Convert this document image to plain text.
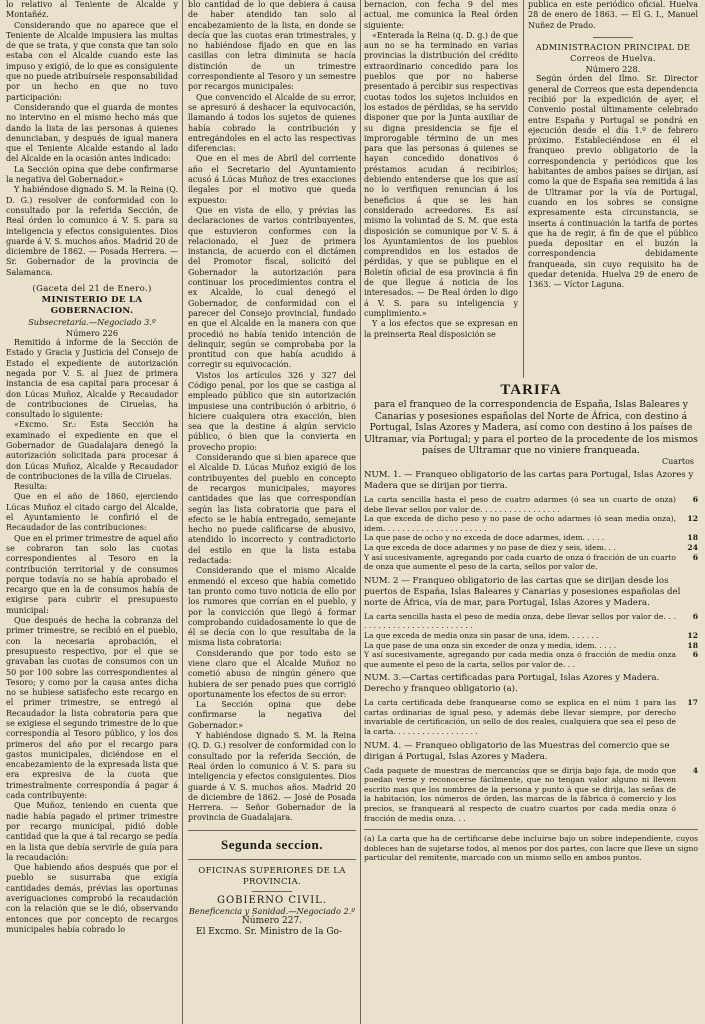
lo relativo al Teniente de Alcalde y Montañéz.

Considerando que no aparece que el Teniente de Alcalde impusiera las multas de que se trata, y que consta que tan solo estaba con el Alcalde cuando este las impuso y exigió, de lo que es consiguiente que no puede atribuírsele responsabilidad por un hecho en que no tuvo participación:

Considerando que el guarda de montes no intervino en el mismo hecho más que dando la lista de las personas á quienes denunciaban, y después de igual manera que el Teniente Alcalde estando al lado del Alcalde en la ocasión antes indicado:

La Sección opina que debe confirmarse la negativa del Gobernador.»

Y habiéndose dignado S. M. la Reina (Q. D. G.) resolver de conformidad con lo consultado por la referida Sección, de Real órden lo comunico á V. S. para su inteligencia y efectos consiguientes. Dios guarde á V. S. muchos años. Madrid 20 de diciembre de 1862. — Posada Herrera. — Sr. Gobernador de la provincia de Salamanca.

(Gaceta del 21 de Enero.)

MINISTERIO DE LA GOBERNACION.

Subsecretaría.—Negociado 3.º

Número 226

Remitido á informe de la Sección de Estado y Gracia y Justicia del Consejo de Estado el expediente de autorización negada por V. S. al Juez de primera instancia de esa capital para procesar á don Lúcas Muñoz, Alcalde y Recaudador de contribuciones de Ciruelas, ha consultado lo siguiente:

«Excmo. Sr.: Esta Sección ha examinado el expediente en que el Gobernador de Guadalajara denegó la autorización solicitada para procesar á don Lúcas Muñoz, Alcalde y Recaudador de contribuciones de la villa de Ciruelas.

Resulta:

Que en el año de 1860, ejerciendo Lúcas Muñoz el citado cargo del Alcalde, el Ayuntamiento le confirió el de Recaudador de las contribuciones:

Que en el primer trimestre de aquel año se cobraron tan solo las cuotas correspondientes al Tesoro en la contribución territorial y de consumos porque todavía no se había aprobado el recargo que en la de consumos había de exigirse para cubrir el presupuesto municipal:

Que después de hecha la cobranza del primer trimestre, se recibió en el pueblo, con la necesaria aprobación, el presupuesto respectivo, por el que se gravaban las cuotas de consumos con un 50 por 100 sobre las correspondientes al Tesoro; y como por la causa antes dicha no se hubiese satisfecho este recargo en el primer trimestre, se entregó al Recaudador la lista cobratoria para que se exigiese el segundo trimestre de lo que correspondía al Tesoro público, y los dos primeros del año por el recargo para gastos municipales, diciéndose en el encabezamiento de la expresada lista que era expresiva de la cuota que trimestralmente correspondía á pagar á cada contribuyente:

Que Muñoz, teniendo en cuenta que nadie había pagado el primer trimestre por recargo municipal, pidió doble cantidad que la que á tal recargo se pedía en la lista que debía servirle de guía para la recaudación:

Que habiendo años después que por el pueblo se susurraba que exigía cantidades demás, prévias las oportunas averiguaciones comprobó la recaudación con la relación que se le dió, observando entonces que por concepto de recargos municipales había cobrado lo

blo cantidad de lo que debiera á causa de haber atendido tan solo al encabezamiento de la lista, en donde se decía que las cuotas eran trimestrales, y no habiéndose fijado en que en las casillas con letra diminuta se hacía distinción de un trimestre correspondiente al Tesoro y un semestre por recargos municipales:

Que convencido el Alcalde de su error, se apresuró á deshacer la equivocación, llamando á todos los sujetos de quienes había cobrado la contribución y entregándoles en el acto las respectivas diferencias:

Que en el mes de Abril del corriente año el Secretario del Ayuntamiento acusó á Lúcas Muñoz de tres exacciones ilegales por el motivo que queda expuesto:

Que en vista de ello, y prévias las declaraciones de varios contribuyentes, que estuvieron conformes con la relacionado, el Juez de primera instancia, de acuerdo con el dictámen del Promotor fiscal, solicitó del Gobernador la autorización para continuar los procedimientos contra el ex Alcalde, lo cual denegó el Gobernador, de conformidad con el parecer del Consejo provincial, fundado en que el Alcalde en la manera con que procedió no había tenido intención de delinquir, según se comprobaba por la prontitud con que había acudido á corregir su equivocación.

Vistos los artículos 326 y 327 del Código penal, por los que se castiga al empleado público que sin autorización impusiese una contribución ó arbitrio, ó hiciere cualquiera otra exacción, bien sea que la destine á algún servicio público, ó bien que la convierta en provecho propio:

Considerando que si bien aparece que el Alcalde D. Lúcas Muñoz exigió de los contribuyentes del pueblo en concepto de recargos municipales, mayores cantidades que las que correspondían según las lista cobratoria que para el efecto se le había entregado, semejante hecho no puede calificarse de abusivo, atendido lo incorrecto y contradictorio del estilo en que la lista estaba redactada:

Considerando que el mismo Alcalde enmendó el exceso que había cometido tan pronto como tuvo noticia de ello por los rumores que corrían en el pueblo, y por la convicción que llegó á formar comprobando cuidadosamente lo que de él se decía con lo que resultaba de la misma lista cobratoria:

Considerando que por todo esto se viene claro que el Alcalde Muñoz no cometió abuso de ningún género que hubiera de ser penado pues que corrigió oportunamente los efectos de su error:

La Sección opina que debe confirmarse la negativa del Gobernador.»

Y habiéndose dignado S. M. la Reina (Q. D. G.) resolver de conformidad con lo consultado por la referida Sección, de Real órden lo comunico á V. S. para su inteligencia y efectos consiguientes. Dios guarde á V. S. muchos años. Madrid 20 de diciembre de 1862. — José de Posada Herrera. — Señor Gobernador de la provincia de Guadalajara.

Segunda seccion.

OFICINAS SUPERIORES DE LA PROVINCIA.

GOBIERNO CIVIL.

Beneficencia y Sanidad.—Negociado 2.º

Número 227.

El Excmo. Sr. Ministro de la Go-

bernacion, con fecha 9 del mes actual, me comunica la Real órden siguiente:

«Enterada la Reina (q. D. g.) de que aun no se ha terminado en varias provincias la distribución del crédito extraordinario concedido para los pueblos que por no haberse presentado á percibir sus respectivas cuotas todos los sujetos incluidos en los estados de pérdidas, se ha servido disponer que por la Junta auxiliar de su digna presidencia se fije el improrogable término de un mes para que las personas á quienes se hayan concedido donativos ó préstamos acudan á recibirlos; debiendo entenderse que los que así no lo verifiquen renuncian á los beneficios á que se les han considerado acreedores. Es así mismo la voluntad de S. M. que esta disposición se comunique por V. S. á los Ayuntamientos de los pueblos comprendidos en los estados de pérdidas, y que se publique en el Boletín oficial de esa provincia á fin de que llegue á noticia de los interesados. — De Real órden lo digo á V. S. para su inteligencia y cumplimiento.»

Y a los efectos que se expresan en la preinserta Real disposición se

publica en este periódico oficial. Huelva 28 de enero de 1863. — El G. I., Manuel Nuñez de Prado.

ADMINISTRACION PRINCIPAL DE Correos de Huelva.

Número 228.

Según órden del Ilmo. Sr. Director general de Correos que esta dependencia recibió por la expedición de ayer, el Convenio postal últimamente celebrado entre España y Portugal se pondrá en ejecución desde el día 1.º de febrero próximo. Estableciéndose en él el franqueo previo obligatorio de la correspondencia y periódicos que los habitantes de ambos países se dirijan, así como la que de España sea remitida á las de Ultramar por la vía de Portugal, cuando en los sobres se consigne expresamente esta circunstancia, se inserta á continuación la tarifa de portes que ha de regir, á fin de que el público pueda depositar en el buzón la correspondencia debidamente franqueada, sin cuyo requisito ha de quedar detenida. Huelva 29 de enero de 1363. — Víctor Laguna.

TARIFA

para el franqueo de la correspondencia de España, Islas Baleares y Canarias y posesiones españolas del Norte de África, con destino á Portugal, Islas Azores y Madera, así como con destino á los países de Ultramar, vía Portugal; y para el porteo de la procedente de los mismos países de Ultramar que no viniere franqueada.

Cuartos

NUM. 1. — Franqueo obligatorio de las cartas para Portugal, Islas Azores y Madera que se dirijan por tierra.

La carta sencilla hasta el peso de cuatro adarmes (ó sea un cuarto de onza) debe llevar sellos por valor de. . . . . . . . . . . . . . . . .
6
La que exceda de dicho peso y no pase de ocho adarmes (ó sean media onza), idem. . . . . . . . . . . . . . . . . . . . . .
12
La que pase de ocho y no exceda de doce adarmes, idem. . . . .	18
La que exceda de doce adarmes y no pase de diez y seis, idem. . .	24
Y así sucesivamente, agregando por cada cuarto de onza ó fracción de un cuarto de onza que aumente el peso de la carta, sellos por valor de.
6

NUM. 2 — Franqueo obligatorio de las cartas que se dirijan desde los puertos de España, Islas Baleares y Canarias y posesiones españolas del norte de África, vía de mar, para Portugal, Islas Azores y Madera.

La carta sencilla hasta el peso de media onza, debe llevar sellos por valor de. . . . . . . . . . . . . . . . . . . . . . . . . .
6
La que exceda de media onza sin pasar de una, idem. . . . . . .	12
La que pase de una onza sin exceder de onza y media, idem. . . . .	18
Y así sucesivamente, agregando por cada media onza ó fracción de media onza que aumente el peso de la carta, sellos por valor de. . .
6

NUM. 3.—Cartas certificadas para Portugal, Islas Azores y Madera. Derecho y franqueo obligatorio (a).

La carta certificada debe franquearse como se explica en el núm 1 para las cartas ordinarias de igual peso, y además debe llevar siempre, por derecho invariable de certificación, un sello de dos reales, cualquiera que sea el peso de la carta. . . . . . . . . . . . . . . . . .
17

NUM. 4. — Franqueo obligatorio de las Muestras del comercio que se dirigan á Portugal, Islas Azores y Madera.

Cada paquete de muestras de mercancías que se dirija bajo faja, de modo que puedan verse y reconocerse fácilmente, que no tengan valor alguno ni lleven escrito mas que los nombres de la persona y punto á que se dirija, las señas de la habitación, los números de órden, las marcas de la fábrica ó comercio y los precios, se franqueará al respecto de cuatro cuartos por cada media onza ó fracción de media onza. . .
4
(a) La carta que ha de certificarse debe incluirse bajo un sobre independiente, cuyos dobleces han de sujetarse todos, al menos por dos partes, con lacre que lleve un signo particular del remitente, marcado con un mismo sello en ambos puntos.
